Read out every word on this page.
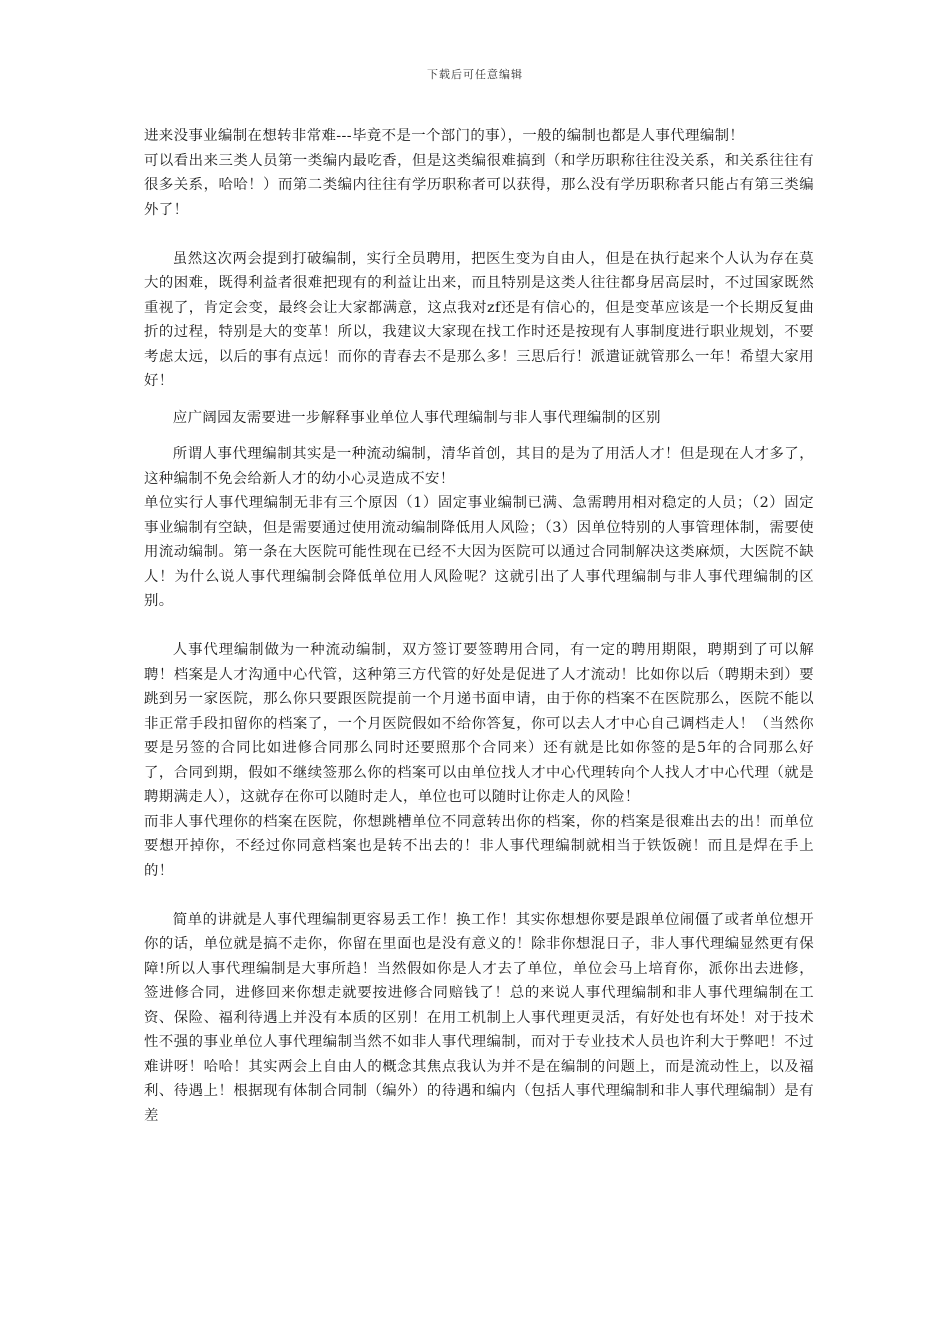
下载后可任意编辑

进来没事业编制在想转非常难---毕竟不是一个部门的事），一般的编制也都是人事代理编制！

可以看出来三类人员第一类编内最吃香，但是这类编很难搞到（和学历职称往往没关系，和关系往往有很多关系，哈哈！）而第二类编内往往有学历职称者可以获得，那么没有学历职称者只能占有第三类编外了！

虽然这次两会提到打破编制，实行全员聘用，把医生变为自由人，但是在执行起来个人认为存在莫大的困难，既得利益者很难把现有的利益让出来，而且特别是这类人往往都身居高层时，不过国家既然重视了，肯定会变，最终会让大家都满意，这点我对zf还是有信心的，但是变革应该是一个长期反复曲折的过程，特别是大的变革！所以，我建议大家现在找工作时还是按现有人事制度进行职业规划，不要考虑太远，以后的事有点远！而你的青春去不是那么多！三思后行！派遣证就管那么一年！希望大家用好！

应广阔园友需要进一步解释事业单位人事代理编制与非人事代理编制的区别

所谓人事代理编制其实是一种流动编制，清华首创，其目的是为了用活人才！但是现在人才多了，这种编制不免会给新人才的幼小心灵造成不安！

单位实行人事代理编制无非有三个原因（1）固定事业编制已满、急需聘用相对稳定的人员；（2）固定事业编制有空缺，但是需要通过使用流动编制降低用人风险；（3）因单位特别的人事管理体制，需要使用流动编制。第一条在大医院可能性现在已经不大因为医院可以通过合同制解决这类麻烦，大医院不缺人！为什么说人事代理编制会降低单位用人风险呢？这就引出了人事代理编制与非人事代理编制的区别。

人事代理编制做为一种流动编制，双方签订要签聘用合同，有一定的聘用期限，聘期到了可以解聘！档案是人才沟通中心代管，这种第三方代管的好处是促进了人才流动！比如你以后（聘期未到）要跳到另一家医院，那么你只要跟医院提前一个月递书面申请，由于你的档案不在医院那么，医院不能以非正常手段扣留你的档案了，一个月医院假如不给你答复，你可以去人才中心自己调档走人！（当然你要是另签的合同比如进修合同那么同时还要照那个合同来）还有就是比如你签的是5年的合同那么好了，合同到期，假如不继续签那么你的档案可以由单位找人才中心代理转向个人找人才中心代理（就是聘期满走人），这就存在你可以随时走人，单位也可以随时让你走人的风险！

而非人事代理你的档案在医院，你想跳槽单位不同意转出你的档案，你的档案是很难出去的出！而单位要想开掉你，不经过你同意档案也是转不出去的！非人事代理编制就相当于铁饭碗！而且是焊在手上的！

简单的讲就是人事代理编制更容易丢工作！换工作！其实你想想你要是跟单位闹僵了或者单位想开你的话，单位就是搞不走你，你留在里面也是没有意义的！除非你想混日子，非人事代理编显然更有保障!所以人事代理编制是大事所趋！当然假如你是人才去了单位，单位会马上培育你，派你出去进修，签进修合同，进修回来你想走就要按进修合同赔钱了！总的来说人事代理编制和非人事代理编制在工资、保险、福利待遇上并没有本质的区别！在用工机制上人事代理更灵活，有好处也有坏处！对于技术性不强的事业单位人事代理编制当然不如非人事代理编制，而对于专业技术人员也许利大于弊吧！不过难讲呀！哈哈！其实两会上自由人的概念其焦点我认为并不是在编制的问题上，而是流动性上，以及福利、待遇上！根据现有体制合同制（编外）的待遇和编内（包括人事代理编制和非人事代理编制）是有差
